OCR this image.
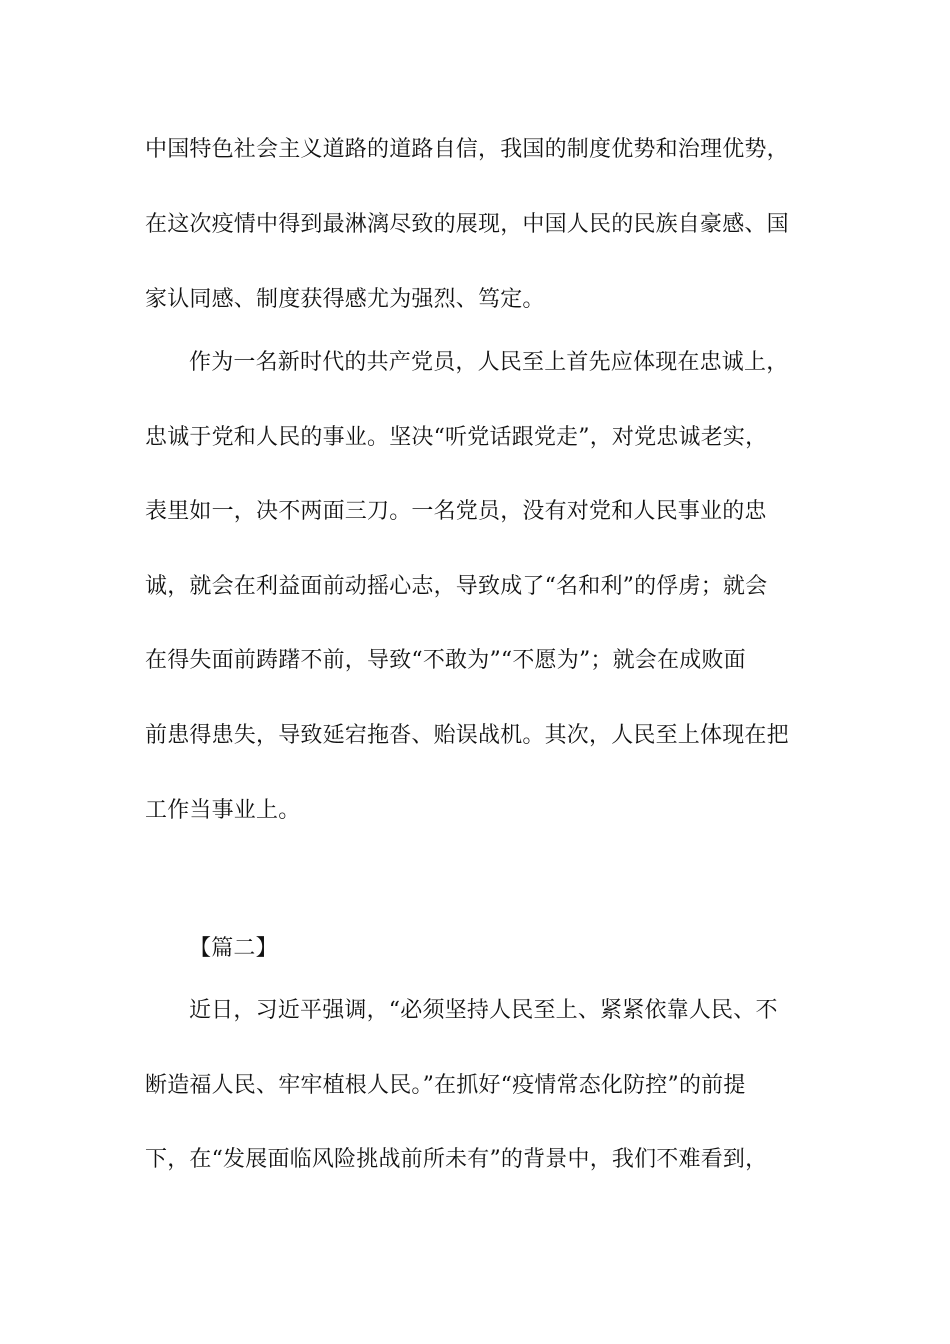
中国特色社会主义道路的道路自信，我国的制度优势和治理优势，
在这次疫情中得到最淋漓尽致的展现，中国人民的民族自豪感、国
家认同感、制度获得感尤为强烈、笃定。
作为一名新时代的共产党员，人民至上首先应体现在忠诚上，
忠诚于党和人民的事业。坚决“听党话跟党走”，对党忠诚老实，
表里如一，决不两面三刀。一名党员，没有对党和人民事业的忠
诚，就会在利益面前动摇心志，导致成了“名和利”的俘虏；就会
在得失面前踌躇不前，导致“不敢为”“不愿为”；就会在成败面
前患得患失，导致延宕拖沓、贻误战机。其次，人民至上体现在把
工作当事业上。
【篇二】
近日，习近平强调，“必须坚持人民至上、紧紧依靠人民、不
断造福人民、牢牢植根人民。”在抓好“疫情常态化防控”的前提
下，在“发展面临风险挑战前所未有”的背景中，我们不难看到，
